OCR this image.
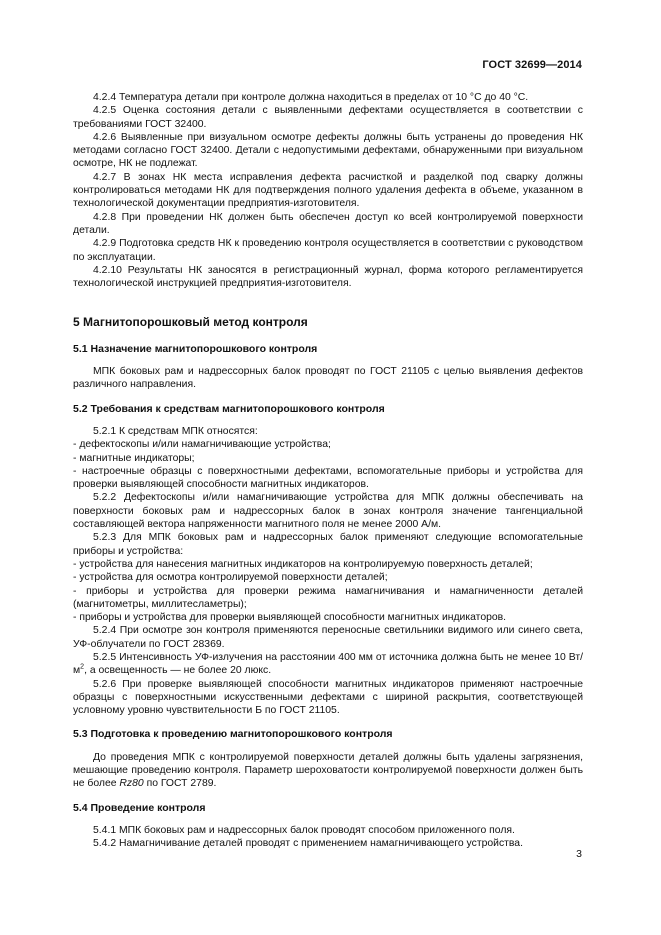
ГОСТ 32699—2014

4.2.4 Температура детали при контроле должна находиться в пределах от 10 °С до 40 °С.

4.2.5 Оценка состояния детали с выявленными дефектами осуществляется в соответствии с требованиями ГОСТ 32400.

4.2.6 Выявленные при визуальном осмотре дефекты должны быть устранены до проведения НК методами согласно ГОСТ 32400. Детали с недопустимыми дефектами, обнаруженными при визуальном осмотре, НК не подлежат.

4.2.7 В зонах НК места исправления дефекта расчисткой и разделкой под сварку должны контролироваться методами НК для подтверждения полного удаления дефекта в объеме, указанном в технологической документации предприятия-изготовителя.

4.2.8 При проведении НК должен быть обеспечен доступ ко всей контролируемой поверхности детали.

4.2.9 Подготовка средств НК к проведению контроля осуществляется в соответствии с руководством по эксплуатации.

4.2.10 Результаты НК заносятся в регистрационный журнал, форма которого регламентируется технологической инструкцией предприятия-изготовителя.

5 Магнитопорошковый метод контроля
5.1 Назначение магнитопорошкового контроля

МПК боковых рам и надрессорных балок проводят по ГОСТ 21105 с целью выявления дефектов различного направления.

5.2 Требования к средствам магнитопорошкового контроля

5.2.1 К средствам МПК относятся:

- дефектоскопы и/или намагничивающие устройства;

- магнитные индикаторы;

- настроечные образцы с поверхностными дефектами, вспомогательные приборы и устройства для проверки выявляющей способности магнитных индикаторов.

5.2.2 Дефектоскопы и/или намагничивающие устройства для МПК должны обеспечивать на поверхности боковых рам и надрессорных балок в зонах контроля значение тангенциальной составляющей вектора напряженности магнитного поля не менее 2000 А/м.

5.2.3 Для МПК боковых рам и надрессорных балок применяют следующие вспомогательные приборы и устройства:

- устройства для нанесения магнитных индикаторов на контролируемую поверхность деталей;

- устройства для осмотра контролируемой поверхности деталей;

- приборы и устройства для проверки режима намагничивания и намагниченности деталей (магнитометры, миллитесламетры);

- приборы и устройства для проверки выявляющей способности магнитных индикаторов.

5.2.4 При осмотре зон контроля применяются переносные светильники видимого или синего света, УФ-облучатели по ГОСТ 28369.

5.2.5 Интенсивность УФ-излучения на расстоянии 400 мм от источника должна быть не менее 10 $Вт/м^2$, а освещенность — не более 20 люкс.

5.2.6 При проверке выявляющей способности магнитных индикаторов применяют настроечные образцы с поверхностными искусственными дефектами с шириной раскрытия, соответствующей условному уровню чувствительности Б по ГОСТ 21105.

5.3 Подготовка к проведению магнитопорошкового контроля

До проведения МПК с контролируемой поверхности деталей должны быть удалены загрязнения, мешающие проведению контроля. Параметр шероховатости контролируемой поверхности должен быть не более Rz80 по ГОСТ 2789.

5.4 Проведение контроля

5.4.1 МПК боковых рам и надрессорных балок проводят способом приложенного поля.

5.4.2 Намагничивание деталей проводят с применением намагничивающего устройства.

3
